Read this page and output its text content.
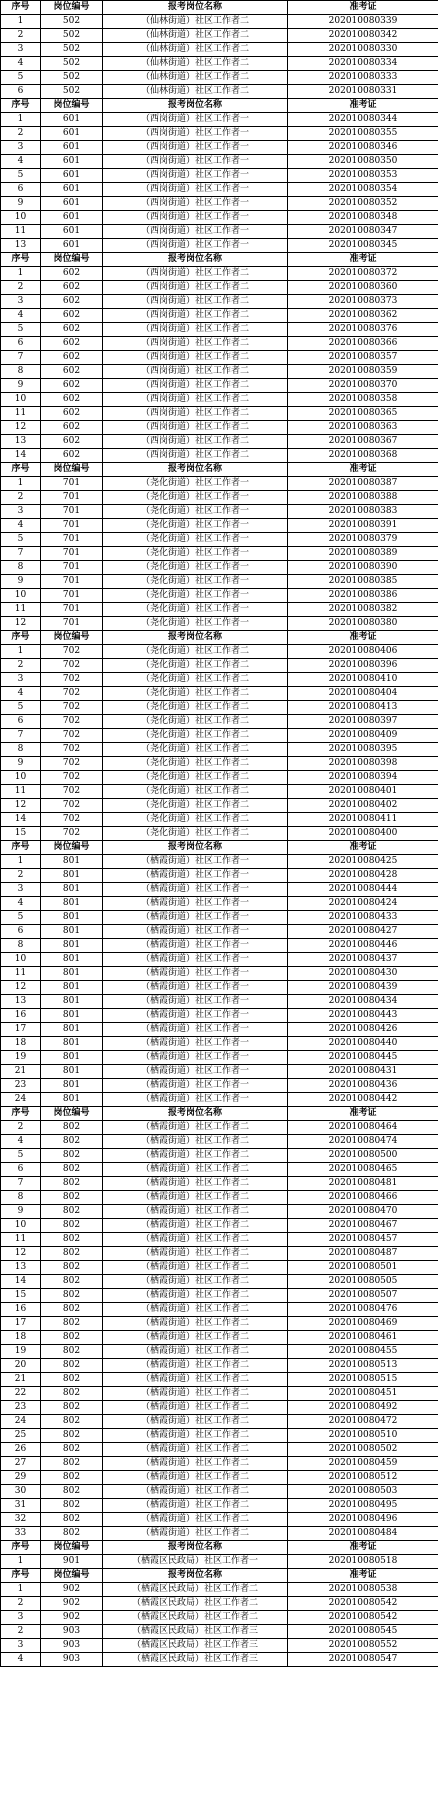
序号	岗位编号	报考岗位名称	准考证
1	502	（仙林街道）社区工作者二	202010080339
2	502	（仙林街道）社区工作者二	202010080342
3	502	（仙林街道）社区工作者二	202010080330
4	502	（仙林街道）社区工作者二	202010080334
5	502	（仙林街道）社区工作者二	202010080333
6	502	（仙林街道）社区工作者二	202010080331
序号	岗位编号	报考岗位名称	准考证
1	601	（西岗街道）社区工作者一	202010080344
2	601	（西岗街道）社区工作者一	202010080355
3	601	（西岗街道）社区工作者一	202010080346
4	601	（西岗街道）社区工作者一	202010080350
5	601	（西岗街道）社区工作者一	202010080353
6	601	（西岗街道）社区工作者一	202010080354
9	601	（西岗街道）社区工作者一	202010080352
10	601	（西岗街道）社区工作者一	202010080348
11	601	（西岗街道）社区工作者一	202010080347
13	601	（西岗街道）社区工作者一	202010080345
序号	岗位编号	报考岗位名称	准考证
1	602	（西岗街道）社区工作者二	202010080372
2	602	（西岗街道）社区工作者二	202010080360
3	602	（西岗街道）社区工作者二	202010080373
4	602	（西岗街道）社区工作者二	202010080362
5	602	（西岗街道）社区工作者二	202010080376
6	602	（西岗街道）社区工作者二	202010080366
7	602	（西岗街道）社区工作者二	202010080357
8	602	（西岗街道）社区工作者二	202010080359
9	602	（西岗街道）社区工作者二	202010080370
10	602	（西岗街道）社区工作者二	202010080358
11	602	（西岗街道）社区工作者二	202010080365
12	602	（西岗街道）社区工作者二	202010080363
13	602	（西岗街道）社区工作者二	202010080367
14	602	（西岗街道）社区工作者二	202010080368
序号	岗位编号	报考岗位名称	准考证
1	701	（尧化街道）社区工作者一	202010080387
2	701	（尧化街道）社区工作者一	202010080388
3	701	（尧化街道）社区工作者一	202010080383
4	701	（尧化街道）社区工作者一	202010080391
5	701	（尧化街道）社区工作者一	202010080379
7	701	（尧化街道）社区工作者一	202010080389
8	701	（尧化街道）社区工作者一	202010080390
9	701	（尧化街道）社区工作者一	202010080385
10	701	（尧化街道）社区工作者一	202010080386
11	701	（尧化街道）社区工作者一	202010080382
12	701	（尧化街道）社区工作者一	202010080380
序号	岗位编号	报考岗位名称	准考证
1	702	（尧化街道）社区工作者二	202010080406
2	702	（尧化街道）社区工作者二	202010080396
3	702	（尧化街道）社区工作者二	202010080410
4	702	（尧化街道）社区工作者二	202010080404
5	702	（尧化街道）社区工作者二	202010080413
6	702	（尧化街道）社区工作者二	202010080397
7	702	（尧化街道）社区工作者二	202010080409
8	702	（尧化街道）社区工作者二	202010080395
9	702	（尧化街道）社区工作者二	202010080398
10	702	（尧化街道）社区工作者二	202010080394
11	702	（尧化街道）社区工作者二	202010080401
12	702	（尧化街道）社区工作者二	202010080402
14	702	（尧化街道）社区工作者二	202010080411
15	702	（尧化街道）社区工作者二	202010080400
序号	岗位编号	报考岗位名称	准考证
1	801	（栖霞街道）社区工作者一	202010080425
2	801	（栖霞街道）社区工作者一	202010080428
3	801	（栖霞街道）社区工作者一	202010080444
4	801	（栖霞街道）社区工作者一	202010080424
5	801	（栖霞街道）社区工作者一	202010080433
6	801	（栖霞街道）社区工作者一	202010080427
8	801	（栖霞街道）社区工作者一	202010080446
10	801	（栖霞街道）社区工作者一	202010080437
11	801	（栖霞街道）社区工作者一	202010080430
12	801	（栖霞街道）社区工作者一	202010080439
13	801	（栖霞街道）社区工作者一	202010080434
16	801	（栖霞街道）社区工作者一	202010080443
17	801	（栖霞街道）社区工作者一	202010080426
18	801	（栖霞街道）社区工作者一	202010080440
19	801	（栖霞街道）社区工作者一	202010080445
21	801	（栖霞街道）社区工作者一	202010080431
23	801	（栖霞街道）社区工作者一	202010080436
24	801	（栖霞街道）社区工作者一	202010080442
序号	岗位编号	报考岗位名称	准考证
2	802	（栖霞街道）社区工作者二	202010080464
4	802	（栖霞街道）社区工作者二	202010080474
5	802	（栖霞街道）社区工作者二	202010080500
6	802	（栖霞街道）社区工作者二	202010080465
7	802	（栖霞街道）社区工作者二	202010080481
8	802	（栖霞街道）社区工作者二	202010080466
9	802	（栖霞街道）社区工作者二	202010080470
10	802	（栖霞街道）社区工作者二	202010080467
11	802	（栖霞街道）社区工作者二	202010080457
12	802	（栖霞街道）社区工作者二	202010080487
13	802	（栖霞街道）社区工作者二	202010080501
14	802	（栖霞街道）社区工作者二	202010080505
15	802	（栖霞街道）社区工作者二	202010080507
16	802	（栖霞街道）社区工作者二	202010080476
17	802	（栖霞街道）社区工作者二	202010080469
18	802	（栖霞街道）社区工作者二	202010080461
19	802	（栖霞街道）社区工作者二	202010080455
20	802	（栖霞街道）社区工作者二	202010080513
21	802	（栖霞街道）社区工作者二	202010080515
22	802	（栖霞街道）社区工作者二	202010080451
23	802	（栖霞街道）社区工作者二	202010080492
24	802	（栖霞街道）社区工作者二	202010080472
25	802	（栖霞街道）社区工作者二	202010080510
26	802	（栖霞街道）社区工作者二	202010080502
27	802	（栖霞街道）社区工作者二	202010080459
29	802	（栖霞街道）社区工作者二	202010080512
30	802	（栖霞街道）社区工作者二	202010080503
31	802	（栖霞街道）社区工作者二	202010080495
32	802	（栖霞街道）社区工作者二	202010080496
33	802	（栖霞街道）社区工作者二	202010080484
序号	岗位编号	报考岗位名称	准考证
1	901	（栖霞区民政局）社区工作者一	202010080518
序号	岗位编号	报考岗位名称	准考证
1	902	（栖霞区民政局）社区工作者二	202010080538
2	902	（栖霞区民政局）社区工作者二	202010080542
3	902	（栖霞区民政局）社区工作者二	202010080542
2	903	（栖霞区民政局）社区工作者三	202010080545
3	903	（栖霞区民政局）社区工作者三	202010080552
4	903	（栖霞区民政局）社区工作者三	202010080547
